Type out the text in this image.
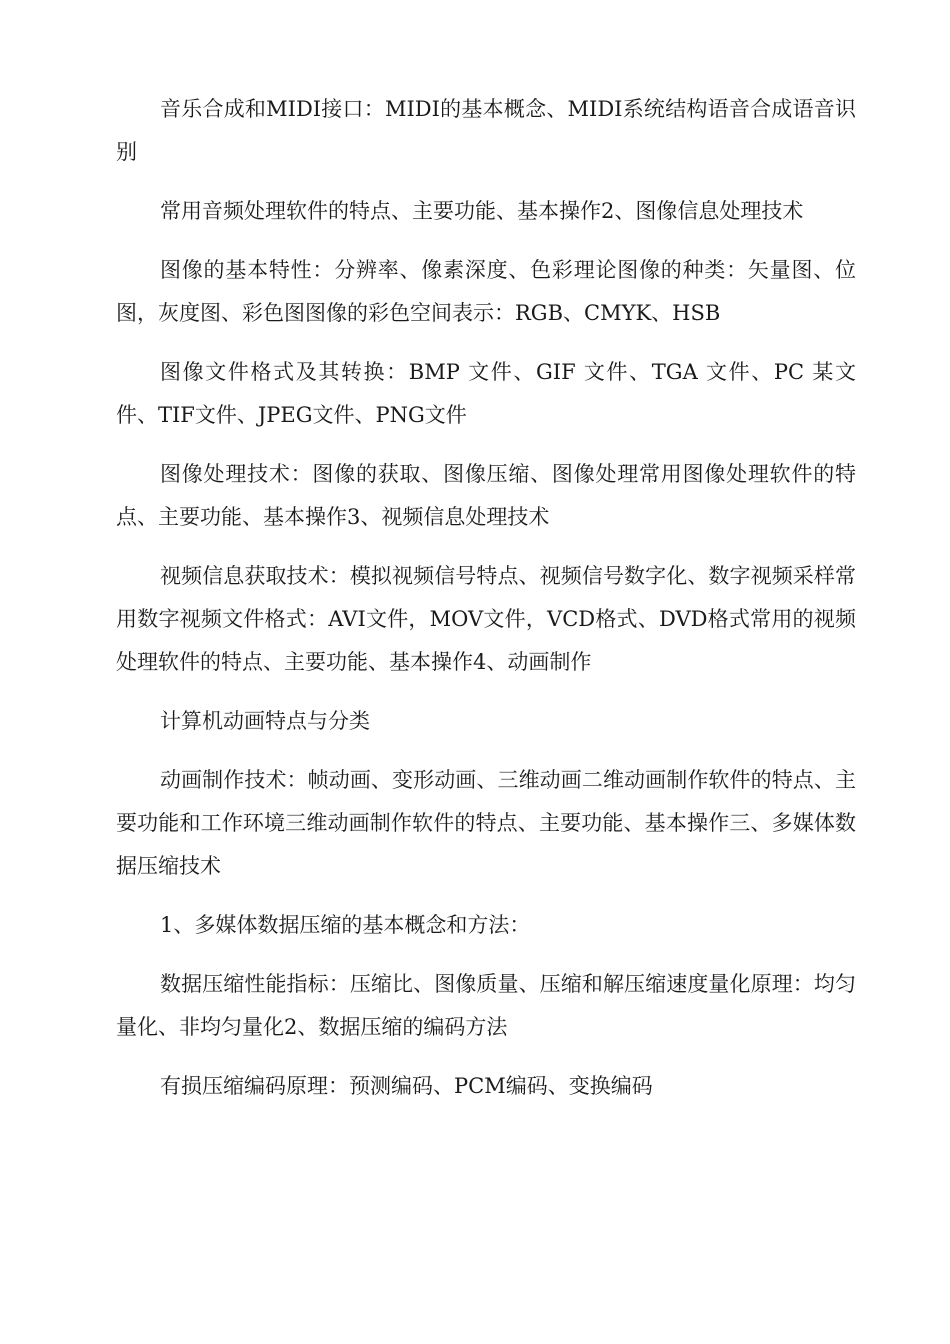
音乐合成和MIDI接口：MIDI的基本概念、MIDI系统结构语音合成语音识别

常用音频处理软件的特点、主要功能、基本操作2、图像信息处理技术

图像的基本特性：分辨率、像素深度、色彩理论图像的种类：矢量图、位图，灰度图、彩色图图像的彩色空间表示：RGB、CMYK、HSB

图像文件格式及其转换：BMP 文件、GIF 文件、TGA 文件、PC 某文件、TIF文件、JPEG文件、PNG文件

图像处理技术：图像的获取、图像压缩、图像处理常用图像处理软件的特点、主要功能、基本操作3、视频信息处理技术

视频信息获取技术：模拟视频信号特点、视频信号数字化、数字视频采样常用数字视频文件格式：AVI文件，MOV文件，VCD格式、DVD格式常用的视频处理软件的特点、主要功能、基本操作4、动画制作

计算机动画特点与分类

动画制作技术：帧动画、变形动画、三维动画二维动画制作软件的特点、主要功能和工作环境三维动画制作软件的特点、主要功能、基本操作三、多媒体数据压缩技术

1、多媒体数据压缩的基本概念和方法：

数据压缩性能指标：压缩比、图像质量、压缩和解压缩速度量化原理：均匀量化、非均匀量化2、数据压缩的编码方法

有损压缩编码原理：预测编码、PCM编码、变换编码
